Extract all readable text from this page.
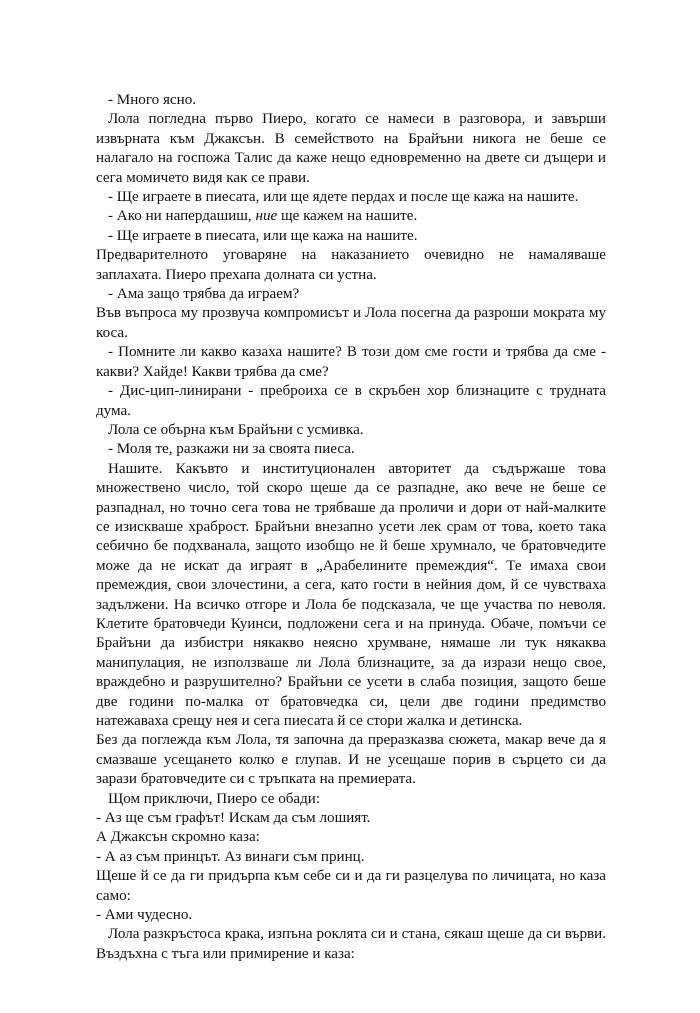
- Много ясно.

Лола погледна първо Пиеро, когато се намеси в разговора, и завърши извърната към Джаксън. В семейството на Брайъни никога не беше се налагало на госпожа Талис да каже нещо едновременно на двете си дъщери и сега момичето видя как се прави.

- Ще играете в пиесата, или ще ядете пердах и после ще кажа на нашите.

- Ако ни напердашиш, ние ще кажем на нашите.

- Ще играете в пиесата, или ще кажа на нашите.

Предварителното уговаряне на наказанието очевидно не намаляваше заплахата. Пиеро прехапа долната си устна.

- Ама защо трябва да играем?

Във въпроса му прозвуча компромисът и Лола посегна да разроши мократа му коса.

- Помните ли какво казаха нашите? В този дом сме гости и трябва да сме - какви? Хайде! Какви трябва да сме?

- Дис-цип-линирани - преброиха се в скръбен хор близнаците с трудната дума.

Лола се обърна към Брайъни с усмивка.

- Моля те, разкажи ни за своята пиеса.

Нашите. Какъвто и институционален авторитет да съдържаше това множествено число, той скоро щеше да се разпадне, ако вече не беше се разпаднал, но точно сега това не трябваше да проличи и дори от най-малките се изискваше храброст. Брайъни внезапно усети лек срам от това, което така себично бе подхванала, защото изобщо не й беше хрумнало, че братовчедите може да не искат да играят в „Арабелините премеждия“. Те имаха свои премеждия, свои злочестини, а сега, като гости в нейния дом, й се чувстваха задължени. На всичко отгоре и Лола бе подсказала, че ще участва по неволя. Клетите братовчеди Куинси, подложени сега и на принуда. Обаче, помъчи се Брайъни да избистри някакво неясно хрумване, нямаше ли тук някаква манипулация, не използваше ли Лола близнаците, за да изрази нещо свое, враждебно и разрушително? Брайъни се усети в слаба позиция, защото беше две години по-малка от братовчедка си, цели две години предимство натежаваха срещу нея и сега пиесата й се стори жалка и детинска.

Без да поглежда към Лола, тя започна да преразказва сюжета, макар вече да я смазваше усещането колко е глупав. И не усещаше порив в сърцето си да зарази братовчедите си с тръпката на премиерата.

Щом приключи, Пиеро се обади:

- Аз ще съм графът! Искам да съм лошият.

А Джаксън скромно каза:

- А аз съм принцът. Аз винаги съм принц.

Щеше й се да ги придърпа към себе си и да ги разцелува по личицата, но каза само:

- Ами чудесно.

Лола разкръстоса крака, изпъна роклята си и стана, сякаш щеше да си върви. Въздъхна с тъга или примирение и каза:
